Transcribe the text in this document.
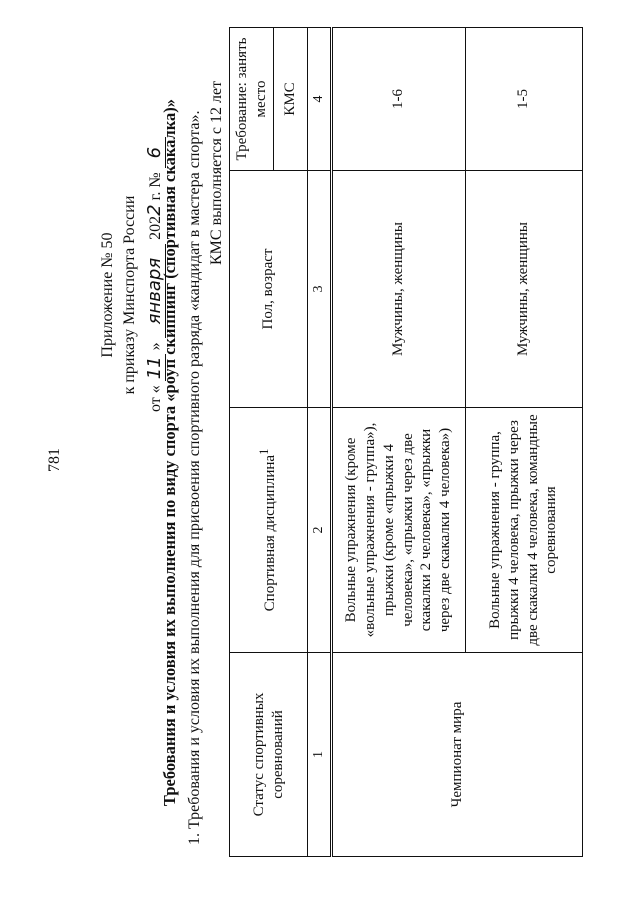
781
Приложение № 50 к приказу Минспорта России
от « 11 » января 2022 г. № 6
Требования и условия их выполнения по виду спорта «роуп скиппинг (спортивная скакалка)» 1. Требования и условия их выполнения для присвоения спортивного разряда «кандидат в мастера спорта». КМС выполняется с 12 лет
Статус спортивных соревнований	Спортивная дисциплина$^1$	Пол, возраст	Требование: занять место
			КМС
1	2	3	4
Чемпионат мира	Вольные упражнения (кроме «вольные упражнения - группа»), прыжки (кроме «прыжки 4 человека», «прыжки через две скакалки 2 человека», «прыжки через две скакалки 4 человека»)	Мужчины, женщины	1-6
	Вольные упражнения - группа, прыжки 4 человека, прыжки через две скакалки 4 человека, командные соревнования	Мужчины, женщины	1-5
